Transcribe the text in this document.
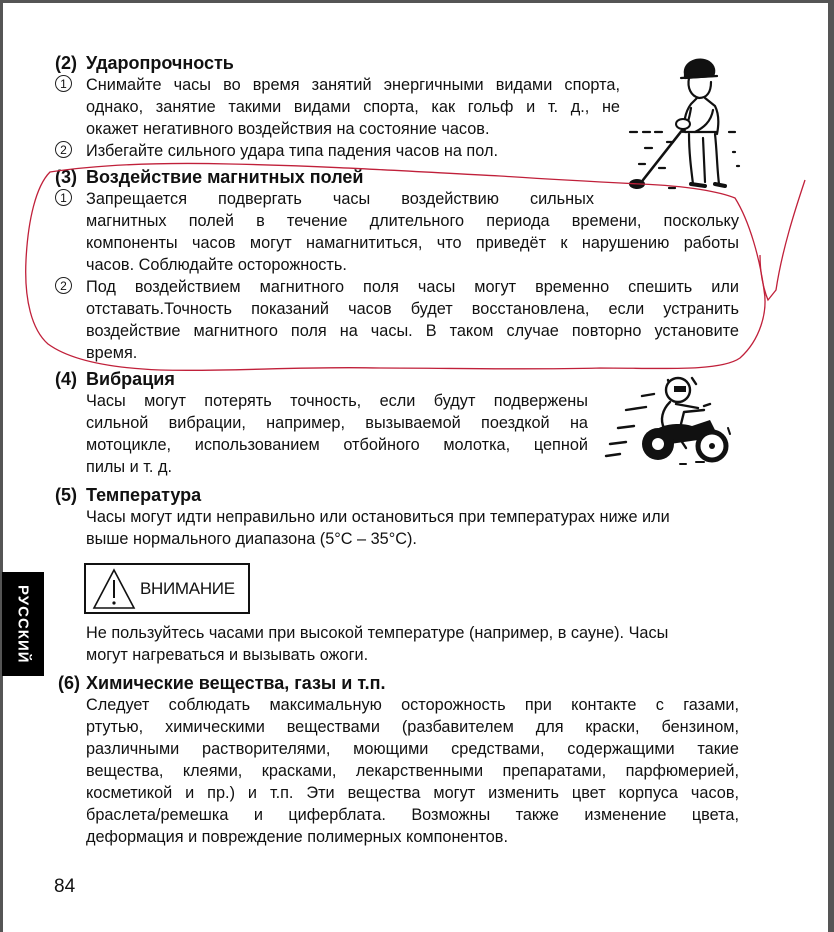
РУССКИЙ
(2) Ударопрочность
1	Снимайте часы во время занятий энергичными видами спорта,
однако, занятие такими видами спорта, как гольф и т. д., не
окажет негативного воздействия на состояние часов.
2	Избегайте сильного удара типа падения часов на пол.
(3) Воздействие магнитных полей
1	Запрещается подвергать часы воздействию сильных
магнитных полей в течение длительного периода времени, поскольку
компоненты часов могут намагнититься, что приведёт к нарушению работы
часов. Соблюдайте осторожность.
2	Под воздействием магнитного поля часы могут временно спешить или
отставать.Точность показаний часов будет восстановлена, если устранить
воздействие магнитного поля на часы. В таком случае повторно установите
время.
(4) Вибрация
Часы могут потерять точность, если будут подвержены
сильной вибрации, например, вызываемой поездкой на
мотоцикле, использованием отбойного молотка, цепной
пилы и т. д.
(5) Температура
Часы могут идти неправильно или остановиться при температурах ниже или
выше нормального диапазона (5°C – 35°C).
ВНИМАНИЕ
Не пользуйтесь часами при высокой температуре (например, в сауне). Часы
могут нагреваться и вызывать ожоги.
(6) Химические вещества, газы и т.п.
Следует соблюдать максимальную осторожность при контакте с газами,
ртутью, химическими веществами (разбавителем для краски, бензином,
различными растворителями, моющими средствами, содержащими такие
вещества, клеями, красками, лекарственными препаратами, парфюмерией,
косметикой и пр.) и т.п. Эти вещества могут изменить цвет корпуса часов,
браслета/ремешка и циферблата. Возможны также изменение цвета,
деформация и повреждение полимерных компонентов.
84
